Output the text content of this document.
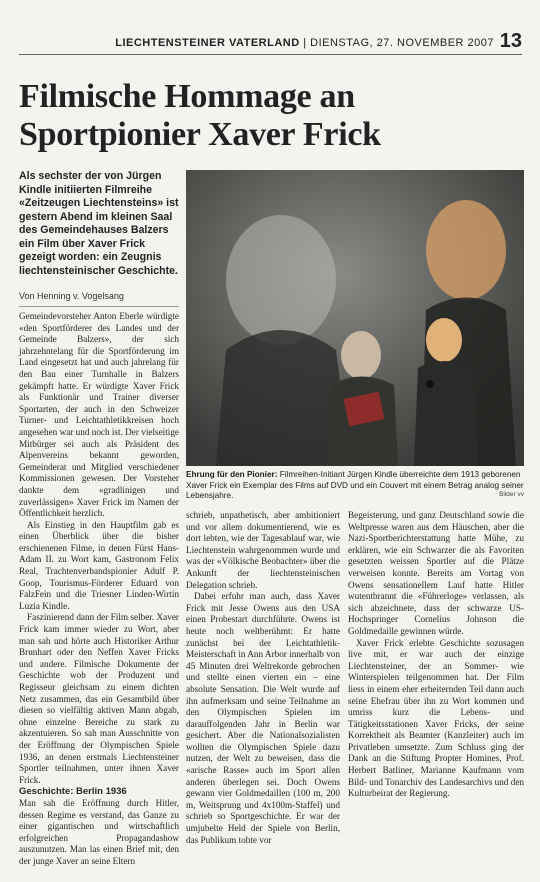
LIECHTENSTEINER VATERLAND | DIENSTAG, 27. NOVEMBER 2007 13
Filmische Hommage an Sportpionier Xaver Frick
Als sechster der von Jürgen Kindle initiierten Filmreihe «Zeitzeugen Liechtensteins» ist gestern Abend im kleinen Saal des Gemeindehauses Balzers ein Film über Xaver Frick gezeigt worden: ein Zeugnis liechtensteinischer Geschichte.
Von Henning v. Vogelsang

Gemeindevorsteher Anton Eberle würdigte «den Sportförderer des Landes und der Gemeinde Balzers», der sich jahrzehntelang für die Sportförderung im Land eingesetzt hat und auch jahrelang für den Bau einer Turnhalle in Balzers gekämpft hatte. Er würdigte Xaver Frick als Funktionär und Trainer diverser Sportarten, der auch in den Schweizer Turner- und Leichtathletikkreisen hoch angesehen war und noch ist. Der vielseitige Mitbürger sei auch als Präsident des Alpenvereins bekannt geworden, Gemeinderat und Mitglied verschiedener Kommissionen gewesen. Der Vorsteher dankte dem «gradlinigen und zuverlässigen» Xaver Frick im Namen der Öffentlichkeit herzlich.

Als Einstieg in den Hauptfilm gab es einen Überblick über die bisher erschienenen Filme, in denen Fürst Hans-Adam II. zu Wort kam, Gastronom Felix Real, Trachtenverbandspionier Adulf P. Goop, Tourismus-Förderer Eduard von FalzFein und die Triesner Linden-Wirtin Luzia Kindle.

Faszinierend dann der Film selber. Xaver Frick kam immer wieder zu Wort, aber man sah und hörte auch Historiker Arthur Brunhart oder den Neffen Xaver Fricks und andere. Filmische Dokumente der Geschichte wob der Produzent und Regisseur gleichsam zu einem dichten Netz zusammen, das ein Gesamtbild über diesen so vielfältig aktiven Mann abgab, ohne einzelne Bereiche zu stark zu akzentuieren. So sah man Ausschnitte von der Eröffnung der Olympischen Spiele 1936, an denen erstmals Liechtensteiner Sportler teilnahmen, unter ihnen Xaver Frick.

Geschichte: Berlin 1936

Man sah die Eröffnung durch Hitler, dessen Regime es verstand, das Ganze zu einer gigantischen und wirtschaftlich erfolgreichen Propagandashow auszunutzen. Man las einen Brief mit, den der junge Xaver an seine Eltern

Ehrung für den Pionier: Filmreihen-Initiant Jürgen Kindle überreichte dem 1913 geborenen Xaver Frick ein Exemplar des Films auf DVD und ein Couvert mit einem Betrag analog seiner Lebensjahre.	Bilder vv

schrieb, unpathetisch, aber ambitioniert und vor allem dokumentierend, wie es dort lebten, wie der Tagesablauf war, wie Liechtenstein wahrgenommen wurde und was der «Völkische Beobachter» über die Ankunft der liechtensteinischen Delegation schrieb.

Dabei erfuhr man auch, dass Xaver Frick mit Jesse Owens aus den USA einen Probestart durchführte. Owens ist heute noch weltberühmt: Er hatte zunächst bei der Leichtathletik-Meisterschaft in Ann Arbor innerhalb von 45 Minuten drei Weltrekorde gebrochen und stellte einen vierten ein – eine absolute Sensation. Die Welt wurde auf ihn aufmerksam und seine Teilnahme an den Olympischen Spielen im darauffolgenden Jahr in Berlin war gesichert. Aber die Nationalsozialisten wollten die Olympischen Spiele dazu nutzen, der Welt zu beweisen, dass die «arische Rasse» auch im Sport allen anderen überlegen sei. Doch Owens gewann vier Goldmedaillen (100 m, 200 m, Weitsprung und 4x100m-Staffel) und schrieb so Sportgeschichte. Er war der umjubelte Held der Spiele von Berlin, das Publikum tobte vor

Begeisterung, und ganz Deutschland sowie die Weltpresse waren aus dem Häuschen, aber die Nazi-Sportberichterstattung hatte Mühe, zu erklären, wie ein Schwarzer die als Favoriten gesetzten weissen Sportler auf die Plätze verweisen konnte. Bereits am Vortag von Owens sensationellem Lauf hatte Hitler wutentbrannt die «Führerloge» verlassen, als sich abzeichnete, dass der schwarze US-Hochspringer Cornelius Johnson die Goldmedaille gewinnen würde.

Xaver Frick erlebte Geschichte sozusagen live mit, er war auch der einzige Liechtensteiner, der an Sommer- wie Winterspielen teilgenommen hat. Der Film liess in einem eher erheiternden Teil dann auch seine Ehefrau über ihn zu Wort kommen und umriss kurz die Lebens- und Tätigkeitsstationen Xaver Fricks, der seine Korrektheit als Beamter (Kanzleiter) auch im Privatleben umsetzte. Zum Schluss ging der Dank an die Stiftung Propter Homines, Prof. Herbert Batliner, Marianne Kaufmann vom Bild- und Tonarchiv des Landesarchivs und den Kulturbeirat der Regierung.
